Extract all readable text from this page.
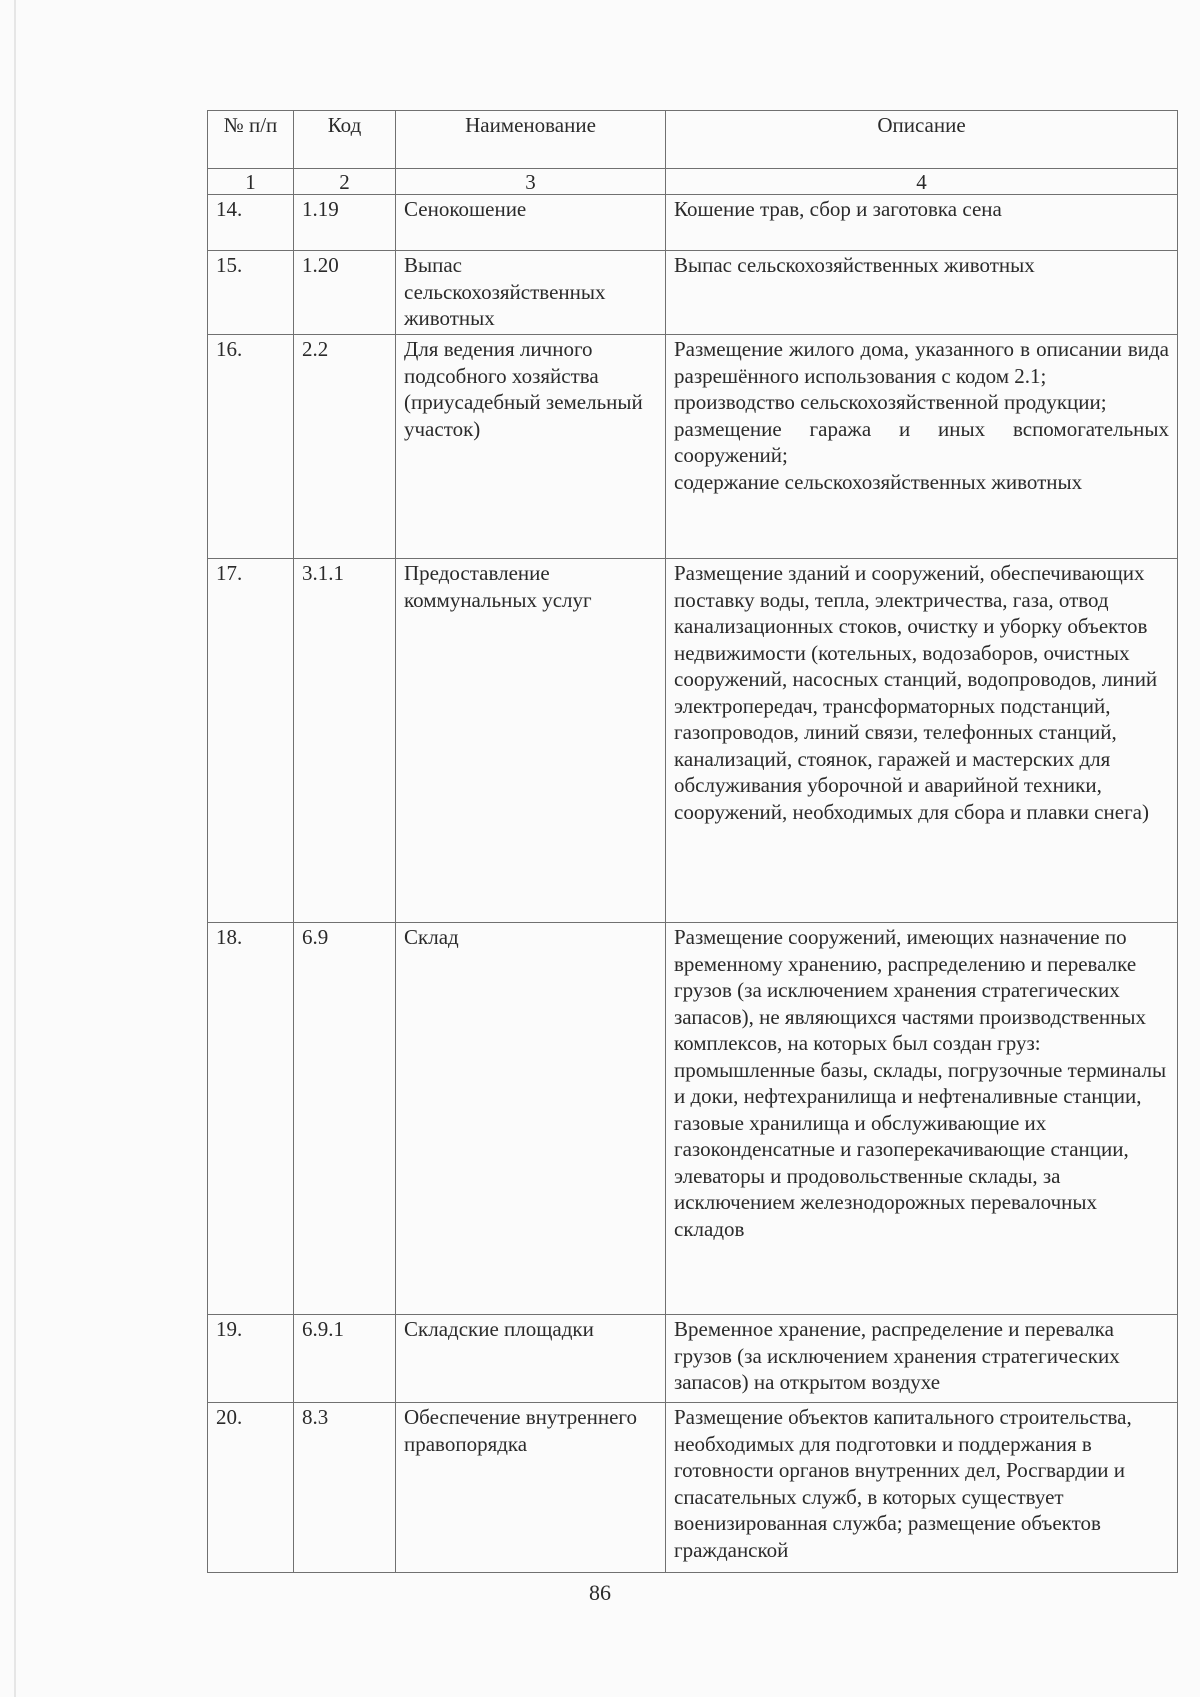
№ п/п	Код	Наименование	Описание
1	2	3	4
14.	1.19	Сенокошение	Кошение трав, сбор и заготовка сена

15.	1.20	Выпас сельскохозяйственных животных	Выпас сельскохозяйственных животных

16.	2.2	Для ведения личного подсобного хозяйства (приусадебный земельный участок)	Размещение жилого дома, указанного в описании вида разрешённого использования с кодом 2.1;
производство сельскохозяйственной продукции;
размещение гаража и иных вспомогательных сооружений;
содержание сельскохозяйственных животных

17.	3.1.1	Предоставление коммунальных услуг	Размещение зданий и сооружений, обеспечивающих поставку воды, тепла, электричества, газа, отвод канализационных стоков, очистку и уборку объектов недвижимости (котельных, водозаборов, очистных сооружений, насосных станций, водопроводов, линий электропередач, трансформаторных подстанций, газопроводов, линий связи, телефонных станций, канализаций, стоянок, гаражей и мастерских для обслуживания уборочной и аварийной техники, сооружений, необходимых для сбора и плавки снега)

18.	6.9	Склад	Размещение сооружений, имеющих назначение по временному хранению, распределению и перевалке грузов (за исключением хранения стратегических запасов), не являющихся частями производственных комплексов, на которых был создан груз: промышленные базы, склады, погрузочные терминалы и доки, нефтехранилища и нефтеналивные станции, газовые хранилища и обслуживающие их газоконденсатные и газоперекачивающие станции, элеваторы и продовольственные склады, за исключением железнодорожных перевалочных складов

19.	6.9.1	Складские площадки	Временное хранение, распределение и перевалка грузов (за исключением хранения стратегических запасов) на открытом воздухе

20.	8.3	Обеспечение внутреннего правопорядка	Размещение объектов капитального строительства, необходимых для подготовки и поддержания в готовности органов внутренних дел, Росгвардии и спасательных служб, в которых существует военизированная служба; размещение объектов гражданской
86
